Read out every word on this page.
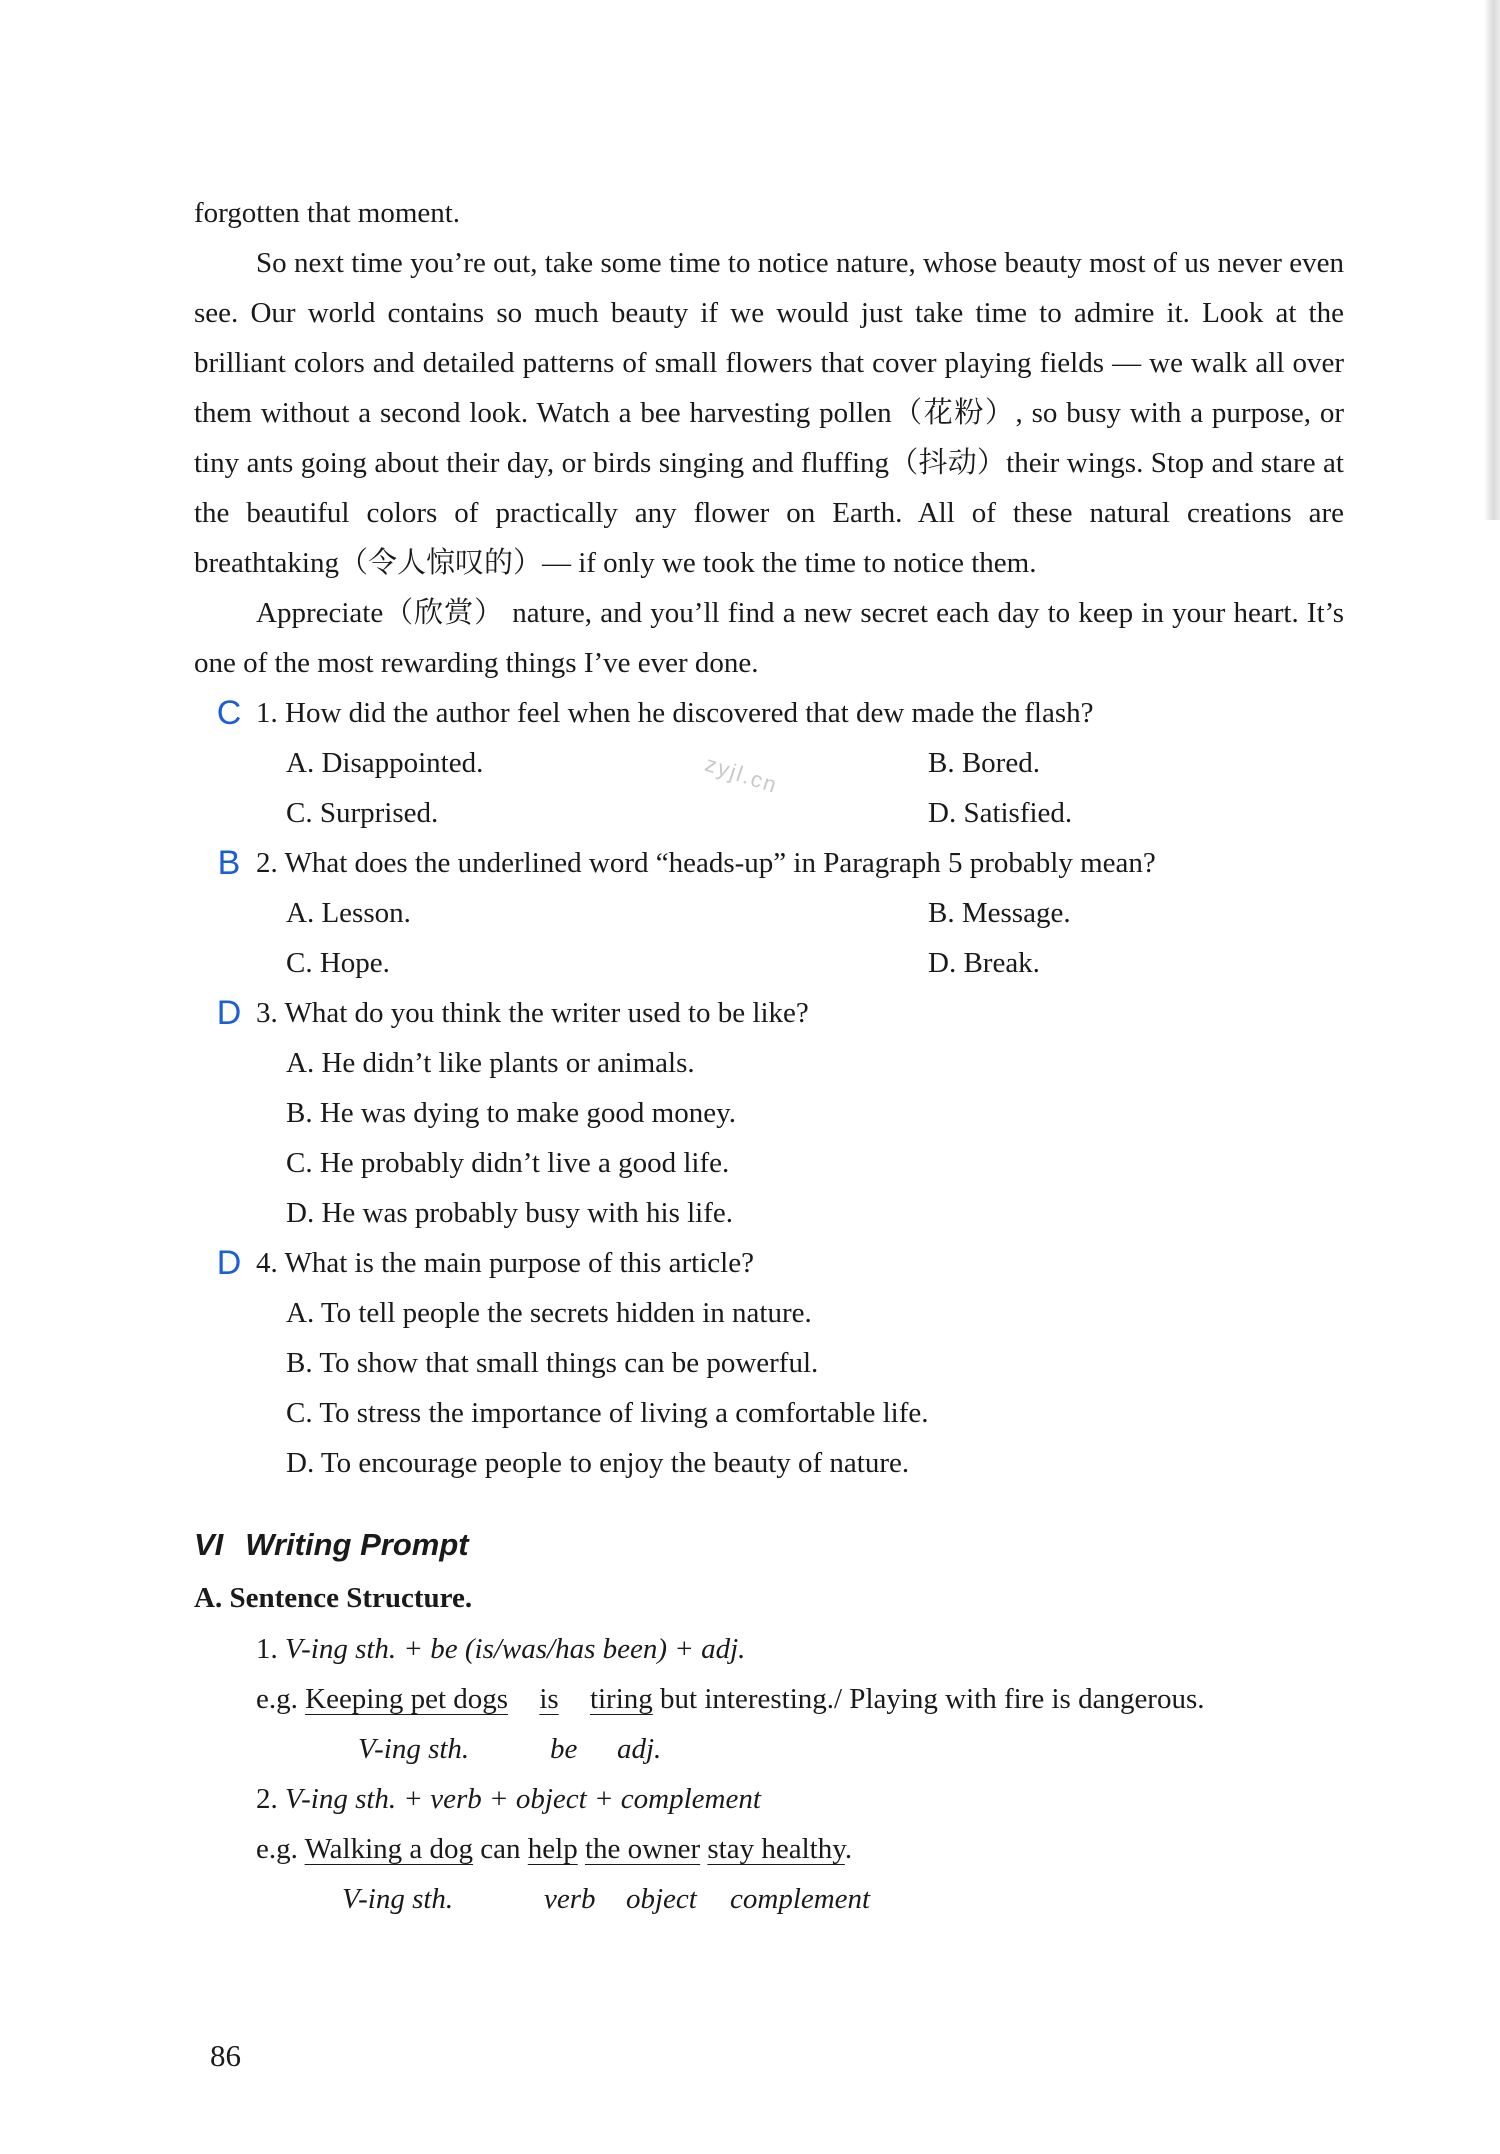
zyjl.cn

forgotten that moment.

So next time you’re out, take some time to notice nature, whose beauty most of us never even see. Our world contains so much beauty if we would just take time to admire it. Look at the brilliant colors and detailed patterns of small flowers that cover playing fields — we walk all over them without a second look. Watch a bee harvesting pollen（花粉）, so busy with a purpose, or tiny ants going about their day, or birds singing and fluffing（抖动）their wings. Stop and stare at the beautiful colors of practically any flower on Earth. All of these natural creations are breathtaking（令人惊叹的）— if only we took the time to notice them.

Appreciate（欣赏） nature, and you’ll find a new secret each day to keep in your heart. It’s one of the most rewarding things I’ve ever done.

C 1. How did the author feel when he discovered that dew made the flash?

A. Disappointed.	B. Bored.
C. Surprised.	D. Satisfied.

B 2. What does the underlined word “heads-up” in Paragraph 5 probably mean?

A. Lesson.	B. Message.
C. Hope.	D. Break.

D 3. What do you think the writer used to be like?

A. He didn’t like plants or animals.
B. He was dying to make good money.
C. He probably didn’t live a good life.
D. He was probably busy with his life.

D 4. What is the main purpose of this article?

A. To tell people the secrets hidden in nature.
B. To show that small things can be powerful.
C. To stress the importance of living a comfortable life.
D. To encourage people to enjoy the beauty of nature.
VI Writing Prompt
A. Sentence Structure.
1. V-ing sth. + be (is/was/has been) + adj.
e.g. Keeping pet dogs is tiring but interesting./ Playing with fire is dangerous.
V-ing sth.	be adj.
2. V-ing sth. + verb + object + complement
e.g. Walking a dog can help the owner stay healthy.
V-ing sth.	verb object complement
86
